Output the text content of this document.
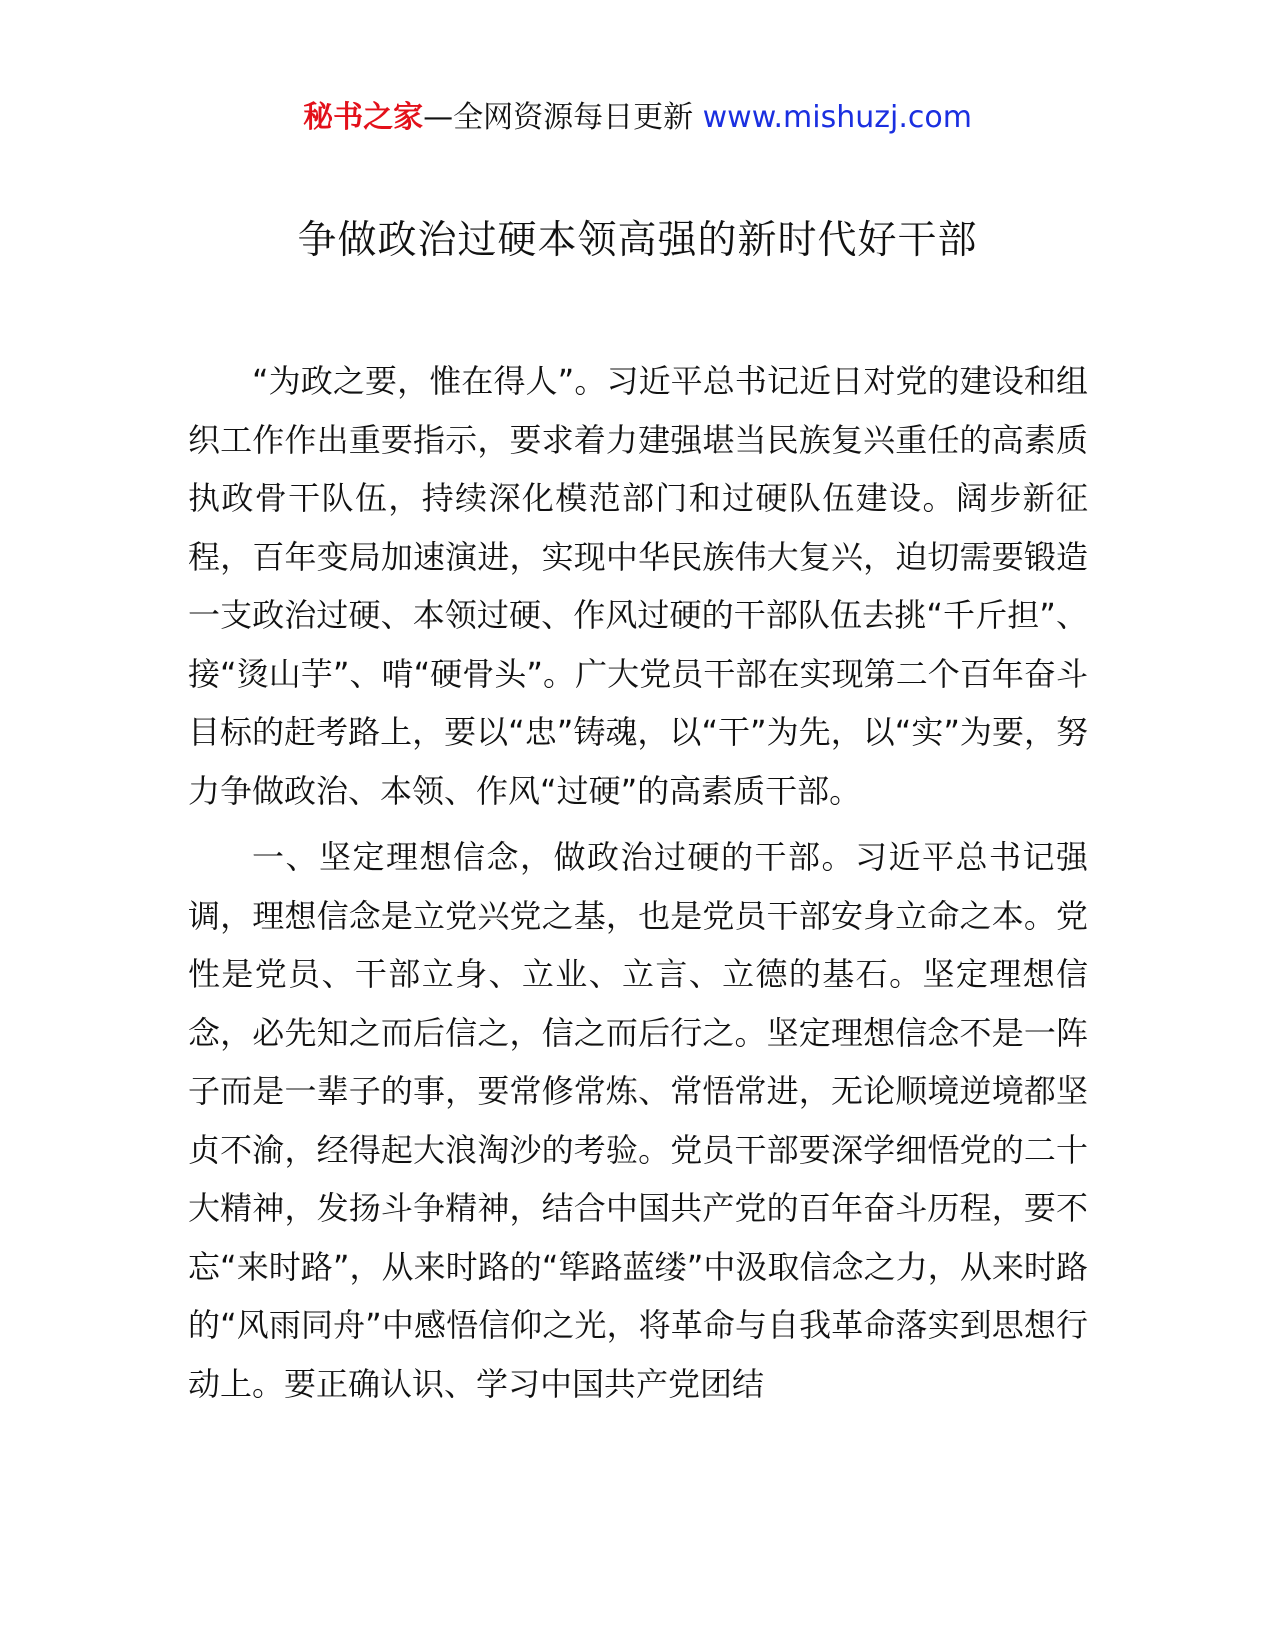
秘书之家—全网资源每日更新 www.mishuzj.com
争做政治过硬本领高强的新时代好干部

“为政之要，惟在得人”。习近平总书记近日对党的建设和组织工作作出重要指示，要求着力建强堪当民族复兴重任的高素质执政骨干队伍，持续深化模范部门和过硬队伍建设。阔步新征程，百年变局加速演进，实现中华民族伟大复兴，迫切需要锻造一支政治过硬、本领过硬、作风过硬的干部队伍去挑“千斤担”、接“烫山芋”、啃“硬骨头”。广大党员干部在实现第二个百年奋斗目标的赶考路上，要以“忠”铸魂，以“干”为先，以“实”为要，努力争做政治、本领、作风“过硬”的高素质干部。

一、坚定理想信念，做政治过硬的干部。习近平总书记强调，理想信念是立党兴党之基，也是党员干部安身立命之本。党性是党员、干部立身、立业、立言、立德的基石。坚定理想信念，必先知之而后信之，信之而后行之。坚定理想信念不是一阵子而是一辈子的事，要常修常炼、常悟常进，无论顺境逆境都坚贞不渝，经得起大浪淘沙的考验。党员干部要深学细悟党的二十大精神，发扬斗争精神，结合中国共产党的百年奋斗历程，要不忘“来时路”，从来时路的“筚路蓝缕”中汲取信念之力，从来时路的“风雨同舟”中感悟信仰之光，将革命与自我革命落实到思想行动上。要正确认识、学习中国共产党团结
